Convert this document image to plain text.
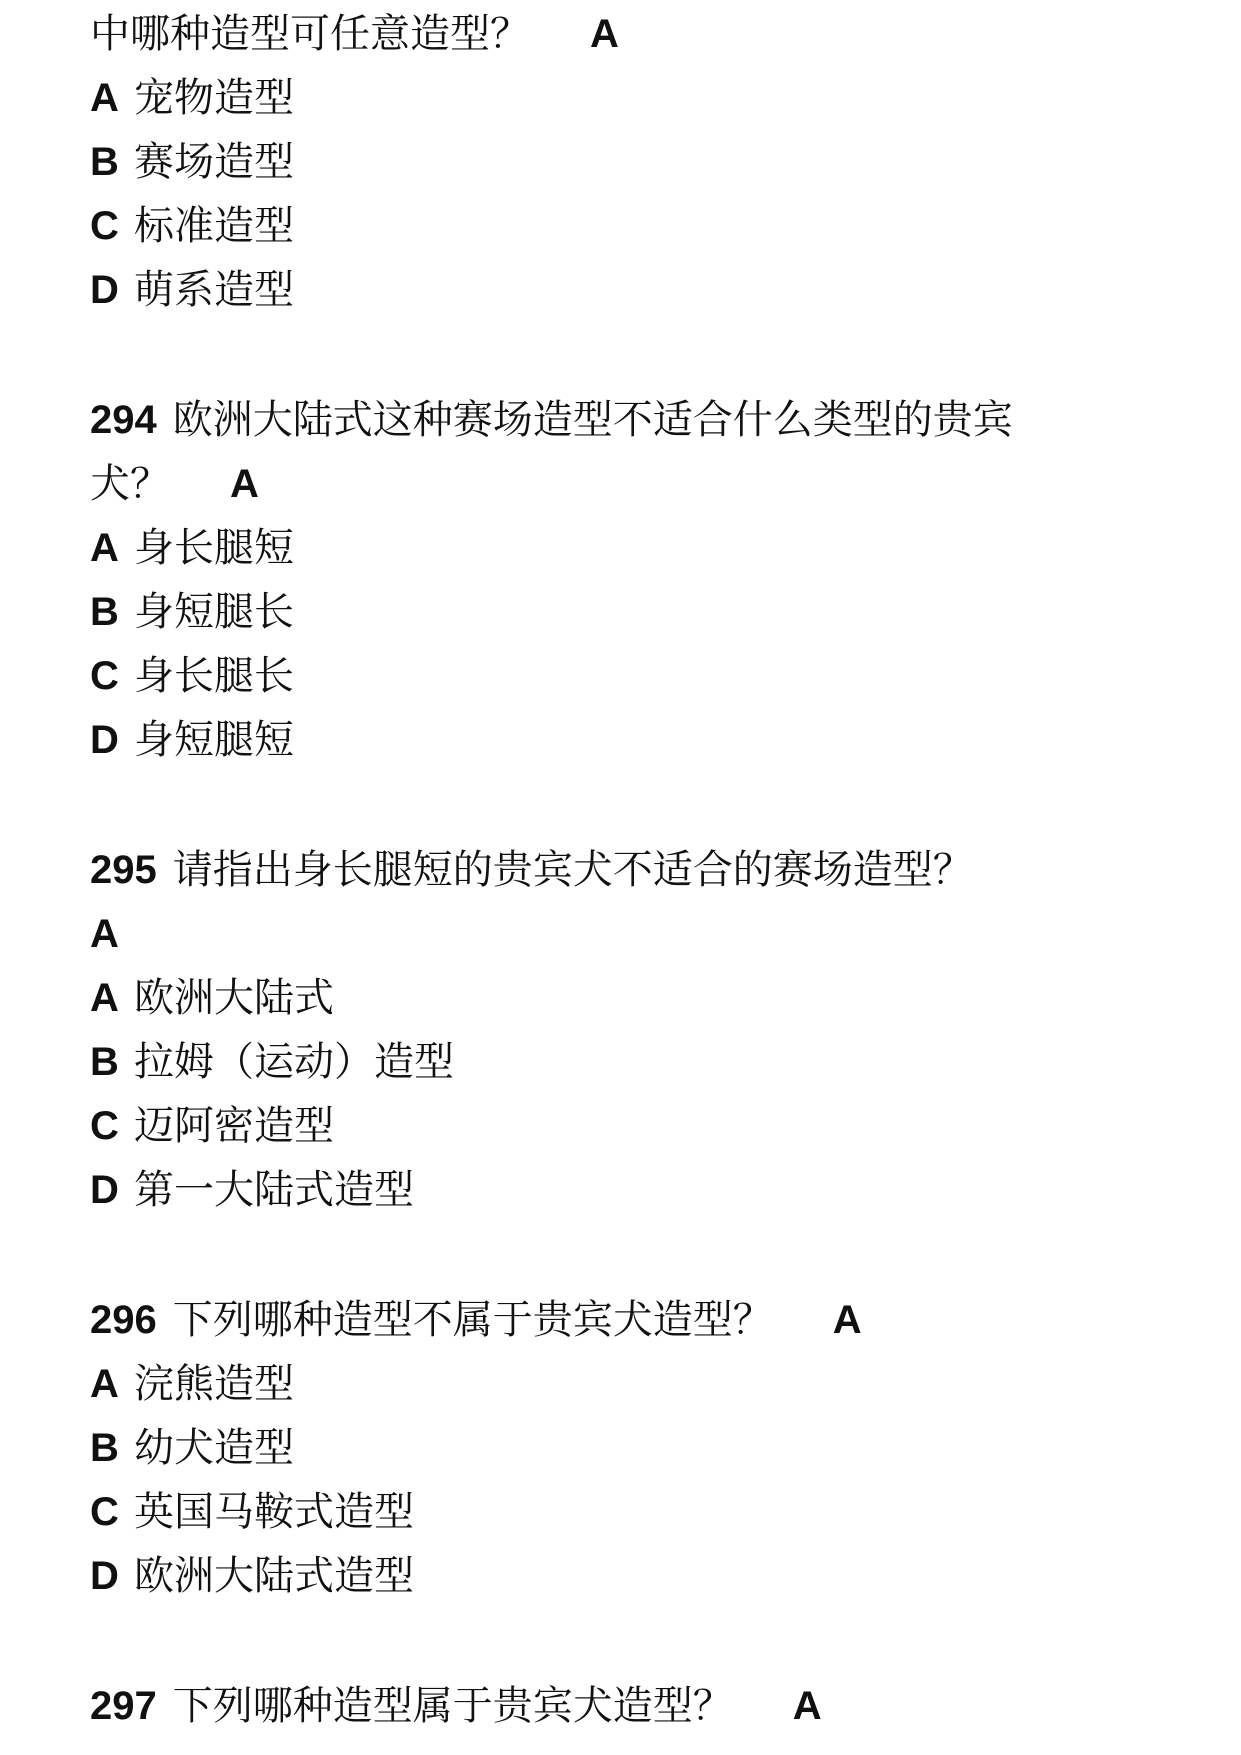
中哪种造型可任意造型？ A
A 宠物造型
B 赛场造型
C 标准造型
D 萌系造型
294 欧洲大陆式这种赛场造型不适合什么类型的贵宾
犬？ A
A 身长腿短
B 身短腿长
C 身长腿长
D 身短腿短
295 请指出身长腿短的贵宾犬不适合的赛场造型？
A
A 欧洲大陆式
B 拉姆（运动）造型
C 迈阿密造型
D 第一大陆式造型
296 下列哪种造型不属于贵宾犬造型？ A
A 浣熊造型
B 幼犬造型
C 英国马鞍式造型
D 欧洲大陆式造型
297 下列哪种造型属于贵宾犬造型？ A
